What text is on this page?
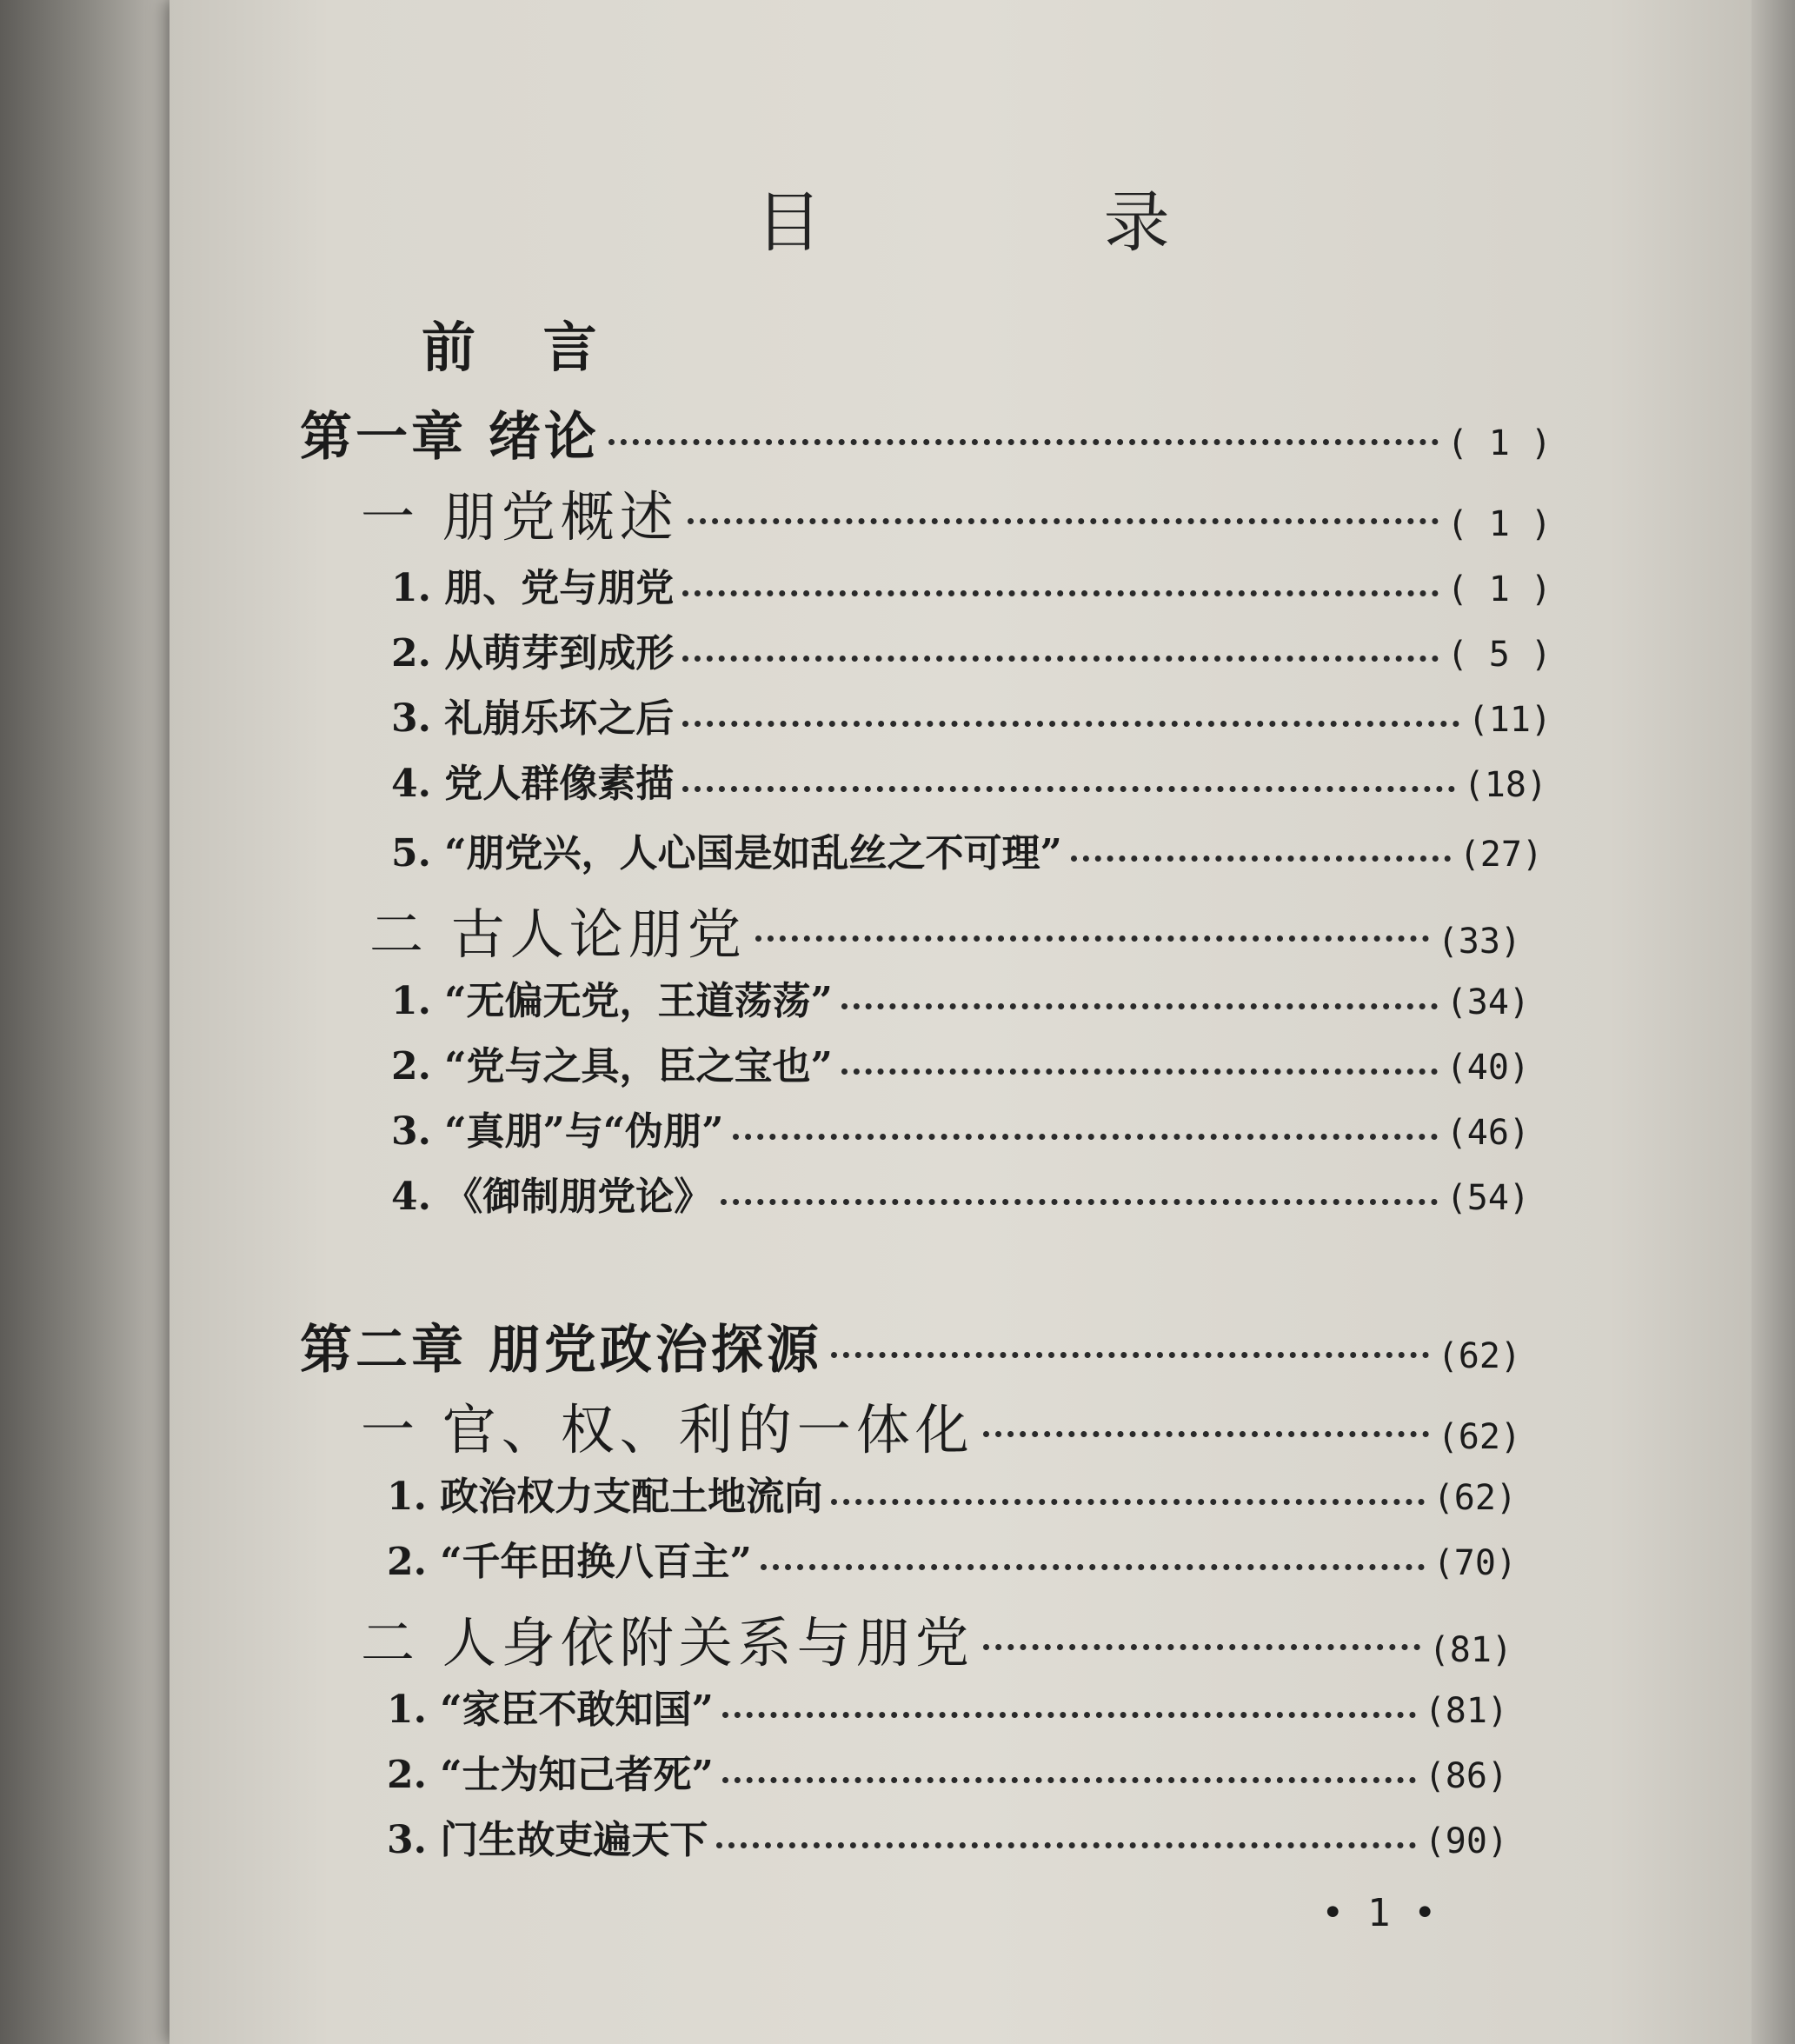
目 录
前 言
第一章 绪论	( 1 )
一 朋党概述	( 1 )
1. 朋、党与朋党	( 1 )
2. 从萌芽到成形	( 5 )
3. 礼崩乐坏之后	(11)
4. 党人群像素描	(18)
5. “朋党兴，人心国是如乱丝之不可理”	(27)
二 古人论朋党	(33)
1. “无偏无党，王道荡荡”	(34)
2. “党与之具，臣之宝也”	(40)
3. “真朋”与“伪朋”	(46)
4. 《御制朋党论》	(54)
第二章 朋党政治探源	(62)
一 官、权、利的一体化	(62)
1. 政治权力支配土地流向	(62)
2. “千年田换八百主”	(70)
二 人身依附关系与朋党	(81)
1. “家臣不敢知国”	(81)
2. “士为知己者死”	(86)
3. 门生故吏遍天下	(90)
• 1 •
